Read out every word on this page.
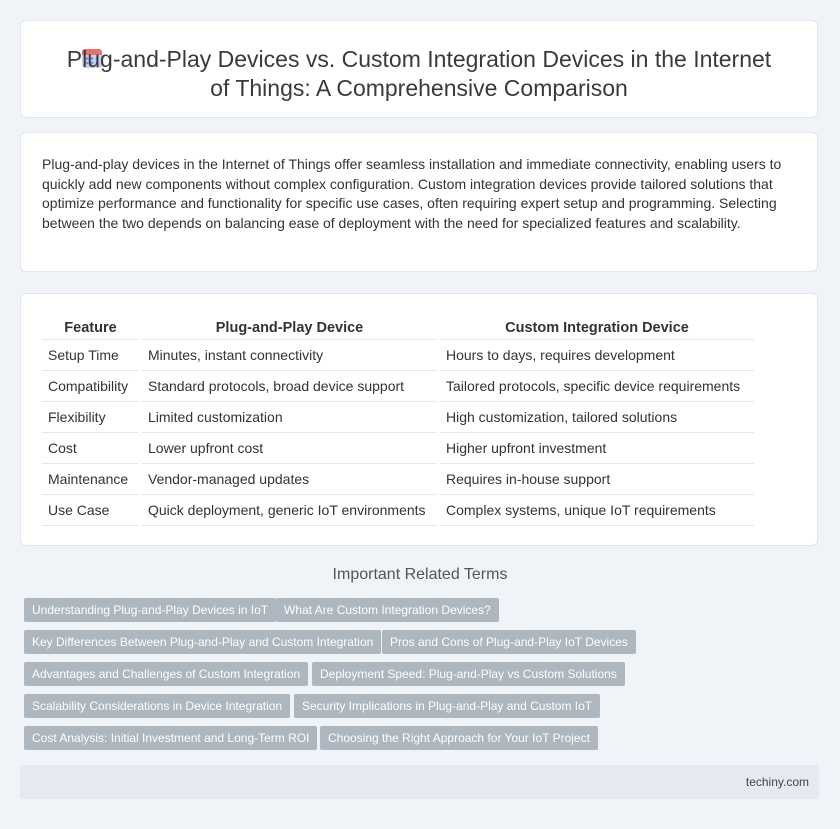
Plug-and-Play Devices vs. Custom Integration Devices in the Internet of Things: A Comprehensive Comparison

Plug-and-play devices in the Internet of Things offer seamless installation and immediate connectivity, enabling users to quickly add new components without complex configuration. Custom integration devices provide tailored solutions that optimize performance and functionality for specific use cases, often requiring expert setup and programming. Selecting between the two depends on balancing ease of deployment with the need for specialized features and scalability.

Feature	Plug-and-Play Device	Custom Integration Device
Setup Time	Minutes, instant connectivity	Hours to days, requires development
Compatibility	Standard protocols, broad device support	Tailored protocols, specific device requirements
Flexibility	Limited customization	High customization, tailored solutions
Cost	Lower upfront cost	Higher upfront investment
Maintenance	Vendor-managed updates	Requires in-house support
Use Case	Quick deployment, generic IoT environments	Complex systems, unique IoT requirements
Important Related Terms
Understanding Plug-and-Play Devices in IoT	What Are Custom Integration Devices?
Key Differences Between Plug-and-Play and Custom Integration	Pros and Cons of Plug-and-Play IoT Devices
Advantages and Challenges of Custom Integration	Deployment Speed: Plug-and-Play vs Custom Solutions
Scalability Considerations in Device Integration	Security Implications in Plug-and-Play and Custom IoT
Cost Analysis: Initial Investment and Long-Term ROI	Choosing the Right Approach for Your IoT Project
techiny.com
